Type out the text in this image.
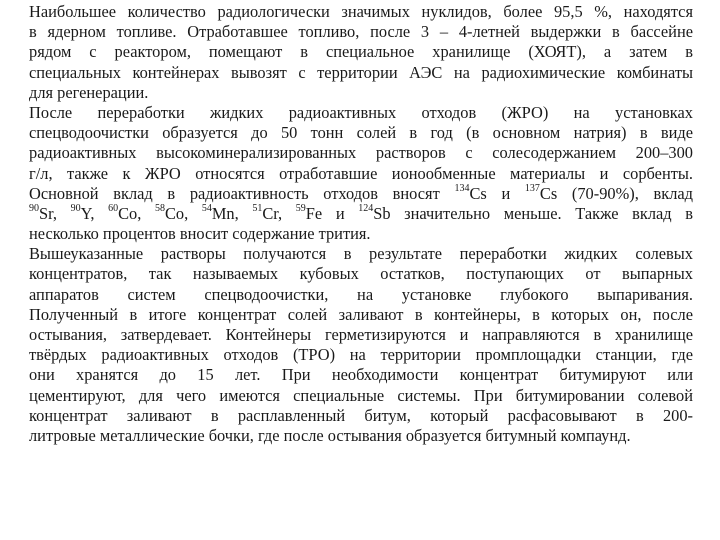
Наибольшее количество радиологически значимых нуклидов, более 95,5 %, находятся
в ядерном топливе. Отработавшее топливо, после 3 – 4-летней выдержки в бассейне
рядом с реактором, помещают в специальное хранилище (ХОЯТ), а затем в
специальных контейнерах вывозят с территории АЭС на радиохимические комбинаты
для регенерации.
После переработки жидких радиоактивных отходов (ЖРО) на установках
спецводоочистки образуется до 50 тонн солей в год (в основном натрия) в виде
радиоактивных высокоминерализированных растворов с солесодержанием 200–300
г/л, также к ЖРО относятся отработавшие ионообменные материалы и сорбенты.
Основной вклад в радиоактивность отходов вносят $^{134}$Cs и $^{137}$Cs (70-90%), вклад
$^{90}$Sr, $^{90}$Y, $^{60}$Co, $^{58}$Co, $^{54}$Mn, $^{51}$Cr, $^{59}$Fe и $^{124}$Sb значительно меньше. Также вклад в
несколько процентов вносит содержание трития.
Вышеуказанные растворы получаются в результате переработки жидких солевых
концентратов, так называемых кубовых остатков, поступающих от выпарных
аппаратов систем спецводоочистки, на установке глубокого выпаривания.
Полученный в итоге концентрат солей заливают в контейнеры, в которых он, после
остывания, затвердевает. Контейнеры герметизируются и направляются в хранилище
твёрдых радиоактивных отходов (ТРО) на территории промплощадки станции, где
они хранятся до 15 лет. При необходимости концентрат битумируют или
цементируют, для чего имеются специальные системы. При битумировании солевой
концентрат заливают в расплавленный битум, который расфасовывают в 200-
литровые металлические бочки, где после остывания образуется битумный компаунд.
